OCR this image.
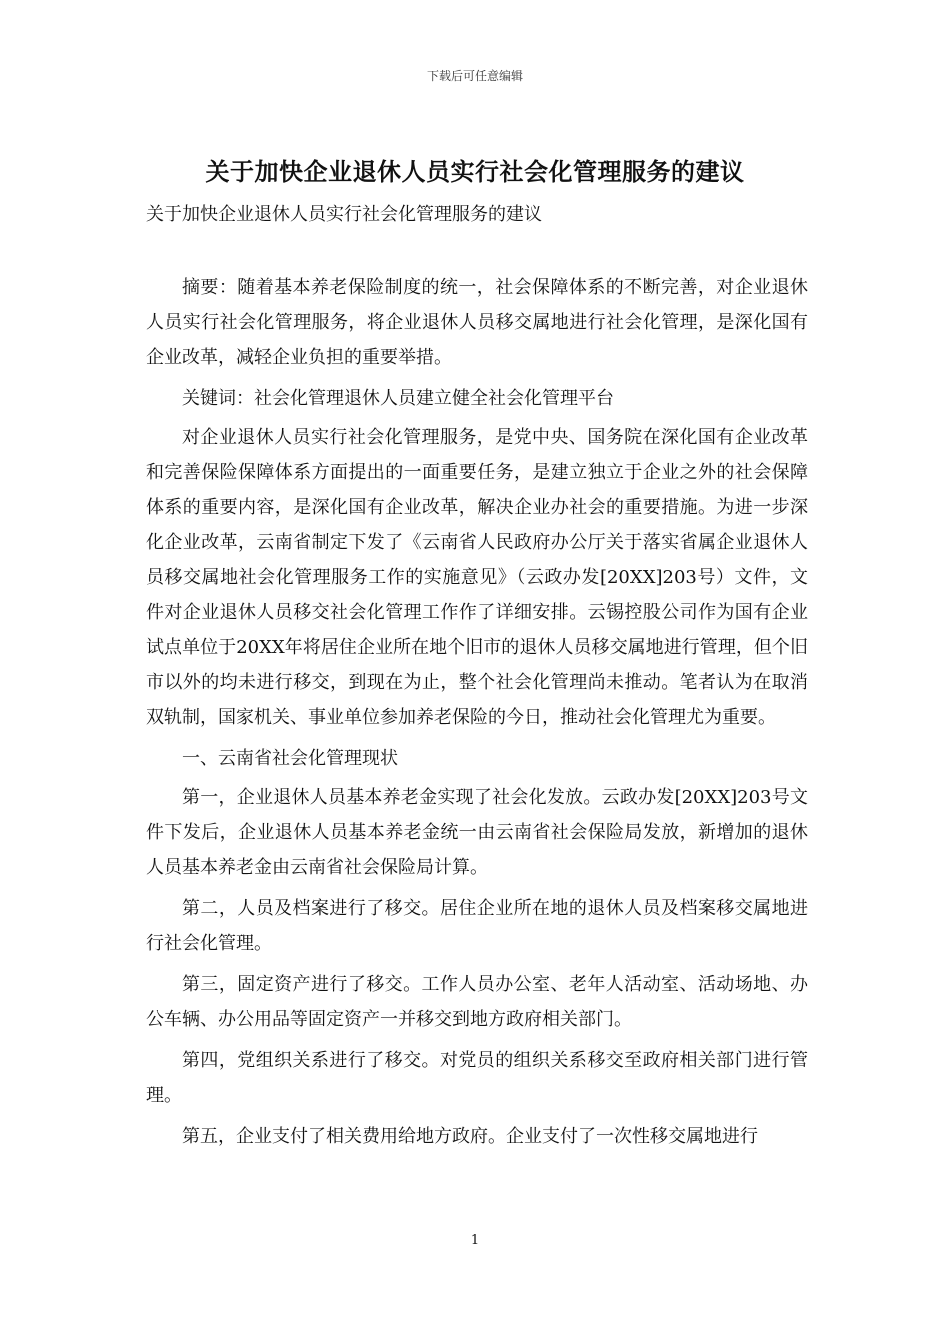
下载后可任意编辑
关于加快企业退休人员实行社会化管理服务的建议
关于加快企业退休人员实行社会化管理服务的建议

摘要：随着基本养老保险制度的统一，社会保障体系的不断完善，对企业退休人员实行社会化管理服务，将企业退休人员移交属地进行社会化管理，是深化国有企业改革，减轻企业负担的重要举措。

关键词：社会化管理退休人员建立健全社会化管理平台

对企业退休人员实行社会化管理服务，是党中央、国务院在深化国有企业改革和完善保险保障体系方面提出的一面重要任务，是建立独立于企业之外的社会保障体系的重要内容，是深化国有企业改革，解决企业办社会的重要措施。为进一步深化企业改革，云南省制定下发了《云南省人民政府办公厅关于落实省属企业退休人员移交属地社会化管理服务工作的实施意见》（云政办发[20XX]203号）文件，文件对企业退休人员移交社会化管理工作作了详细安排。云锡控股公司作为国有企业试点单位于20XX年将居住企业所在地个旧市的退休人员移交属地进行管理，但个旧市以外的均未进行移交，到现在为止，整个社会化管理尚未推动。笔者认为在取消双轨制，国家机关、事业单位参加养老保险的今日，推动社会化管理尤为重要。

一、云南省社会化管理现状

第一，企业退休人员基本养老金实现了社会化发放。云政办发[20XX]203号文件下发后，企业退休人员基本养老金统一由云南省社会保险局发放，新增加的退休人员基本养老金由云南省社会保险局计算。

第二，人员及档案进行了移交。居住企业所在地的退休人员及档案移交属地进行社会化管理。

第三，固定资产进行了移交。工作人员办公室、老年人活动室、活动场地、办公车辆、办公用品等固定资产一并移交到地方政府相关部门。

第四，党组织关系进行了移交。对党员的组织关系移交至政府相关部门进行管理。

第五，企业支付了相关费用给地方政府。企业支付了一次性移交属地进行

1
